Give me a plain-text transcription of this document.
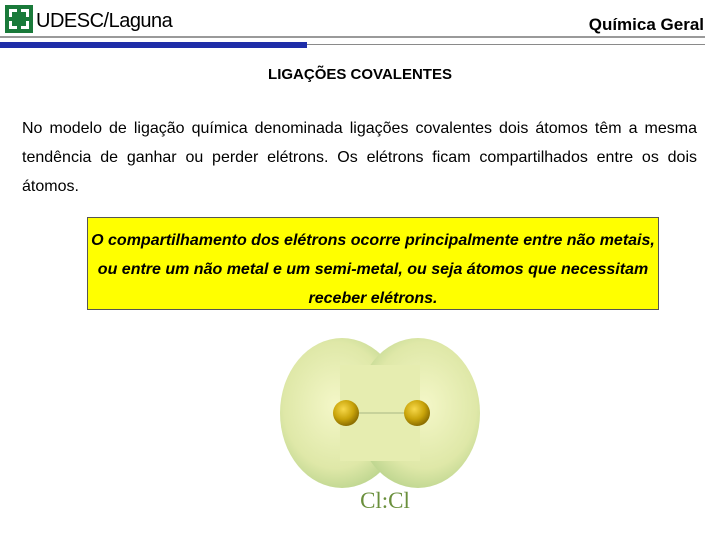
UDESC/Laguna	Química Geral
LIGAÇÕES COVALENTES
No modelo de ligação química denominada ligações covalentes dois átomos têm a mesma tendência de ganhar ou perder elétrons. Os elétrons ficam compartilhados entre os dois átomos.
O compartilhamento dos elétrons ocorre principalmente entre não metais, ou entre um não metal e um semi-metal, ou seja átomos que necessitam receber elétrons.
Cl:Cl
